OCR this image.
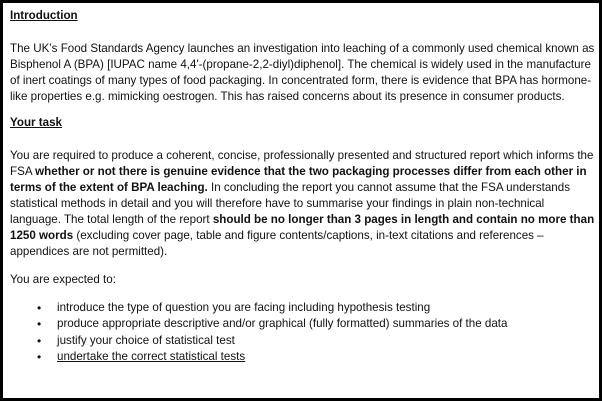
Introduction

The UK’s Food Standards Agency launches an investigation into leaching of a commonly used chemical known as Bisphenol A (BPA) [IUPAC name 4,4'-(propane-2,2-diyl)diphenol]. The chemical is widely used in the manufacture of inert coatings of many types of food packaging. In concentrated form, there is evidence that BPA has hormone-like properties e.g. mimicking oestrogen. This has raised concerns about its presence in consumer products.

Your task

You are required to produce a coherent, concise, professionally presented and structured report which informs the FSA whether or not there is genuine evidence that the two packaging processes differ from each other in terms of the extent of BPA leaching. In concluding the report you cannot assume that the FSA understands statistical methods in detail and you will therefore have to summarise your findings in plain non-technical language. The total length of the report should be no longer than 3 pages in length and contain no more than 1250 words (excluding cover page, table and figure contents/captions, in-text citations and references – appendices are not permitted).

You are expected to:

• introduce the type of question you are facing including hypothesis testing
• produce appropriate descriptive and/or graphical (fully formatted) summaries of the data
• justify your choice of statistical test
• undertake the correct statistical tests
